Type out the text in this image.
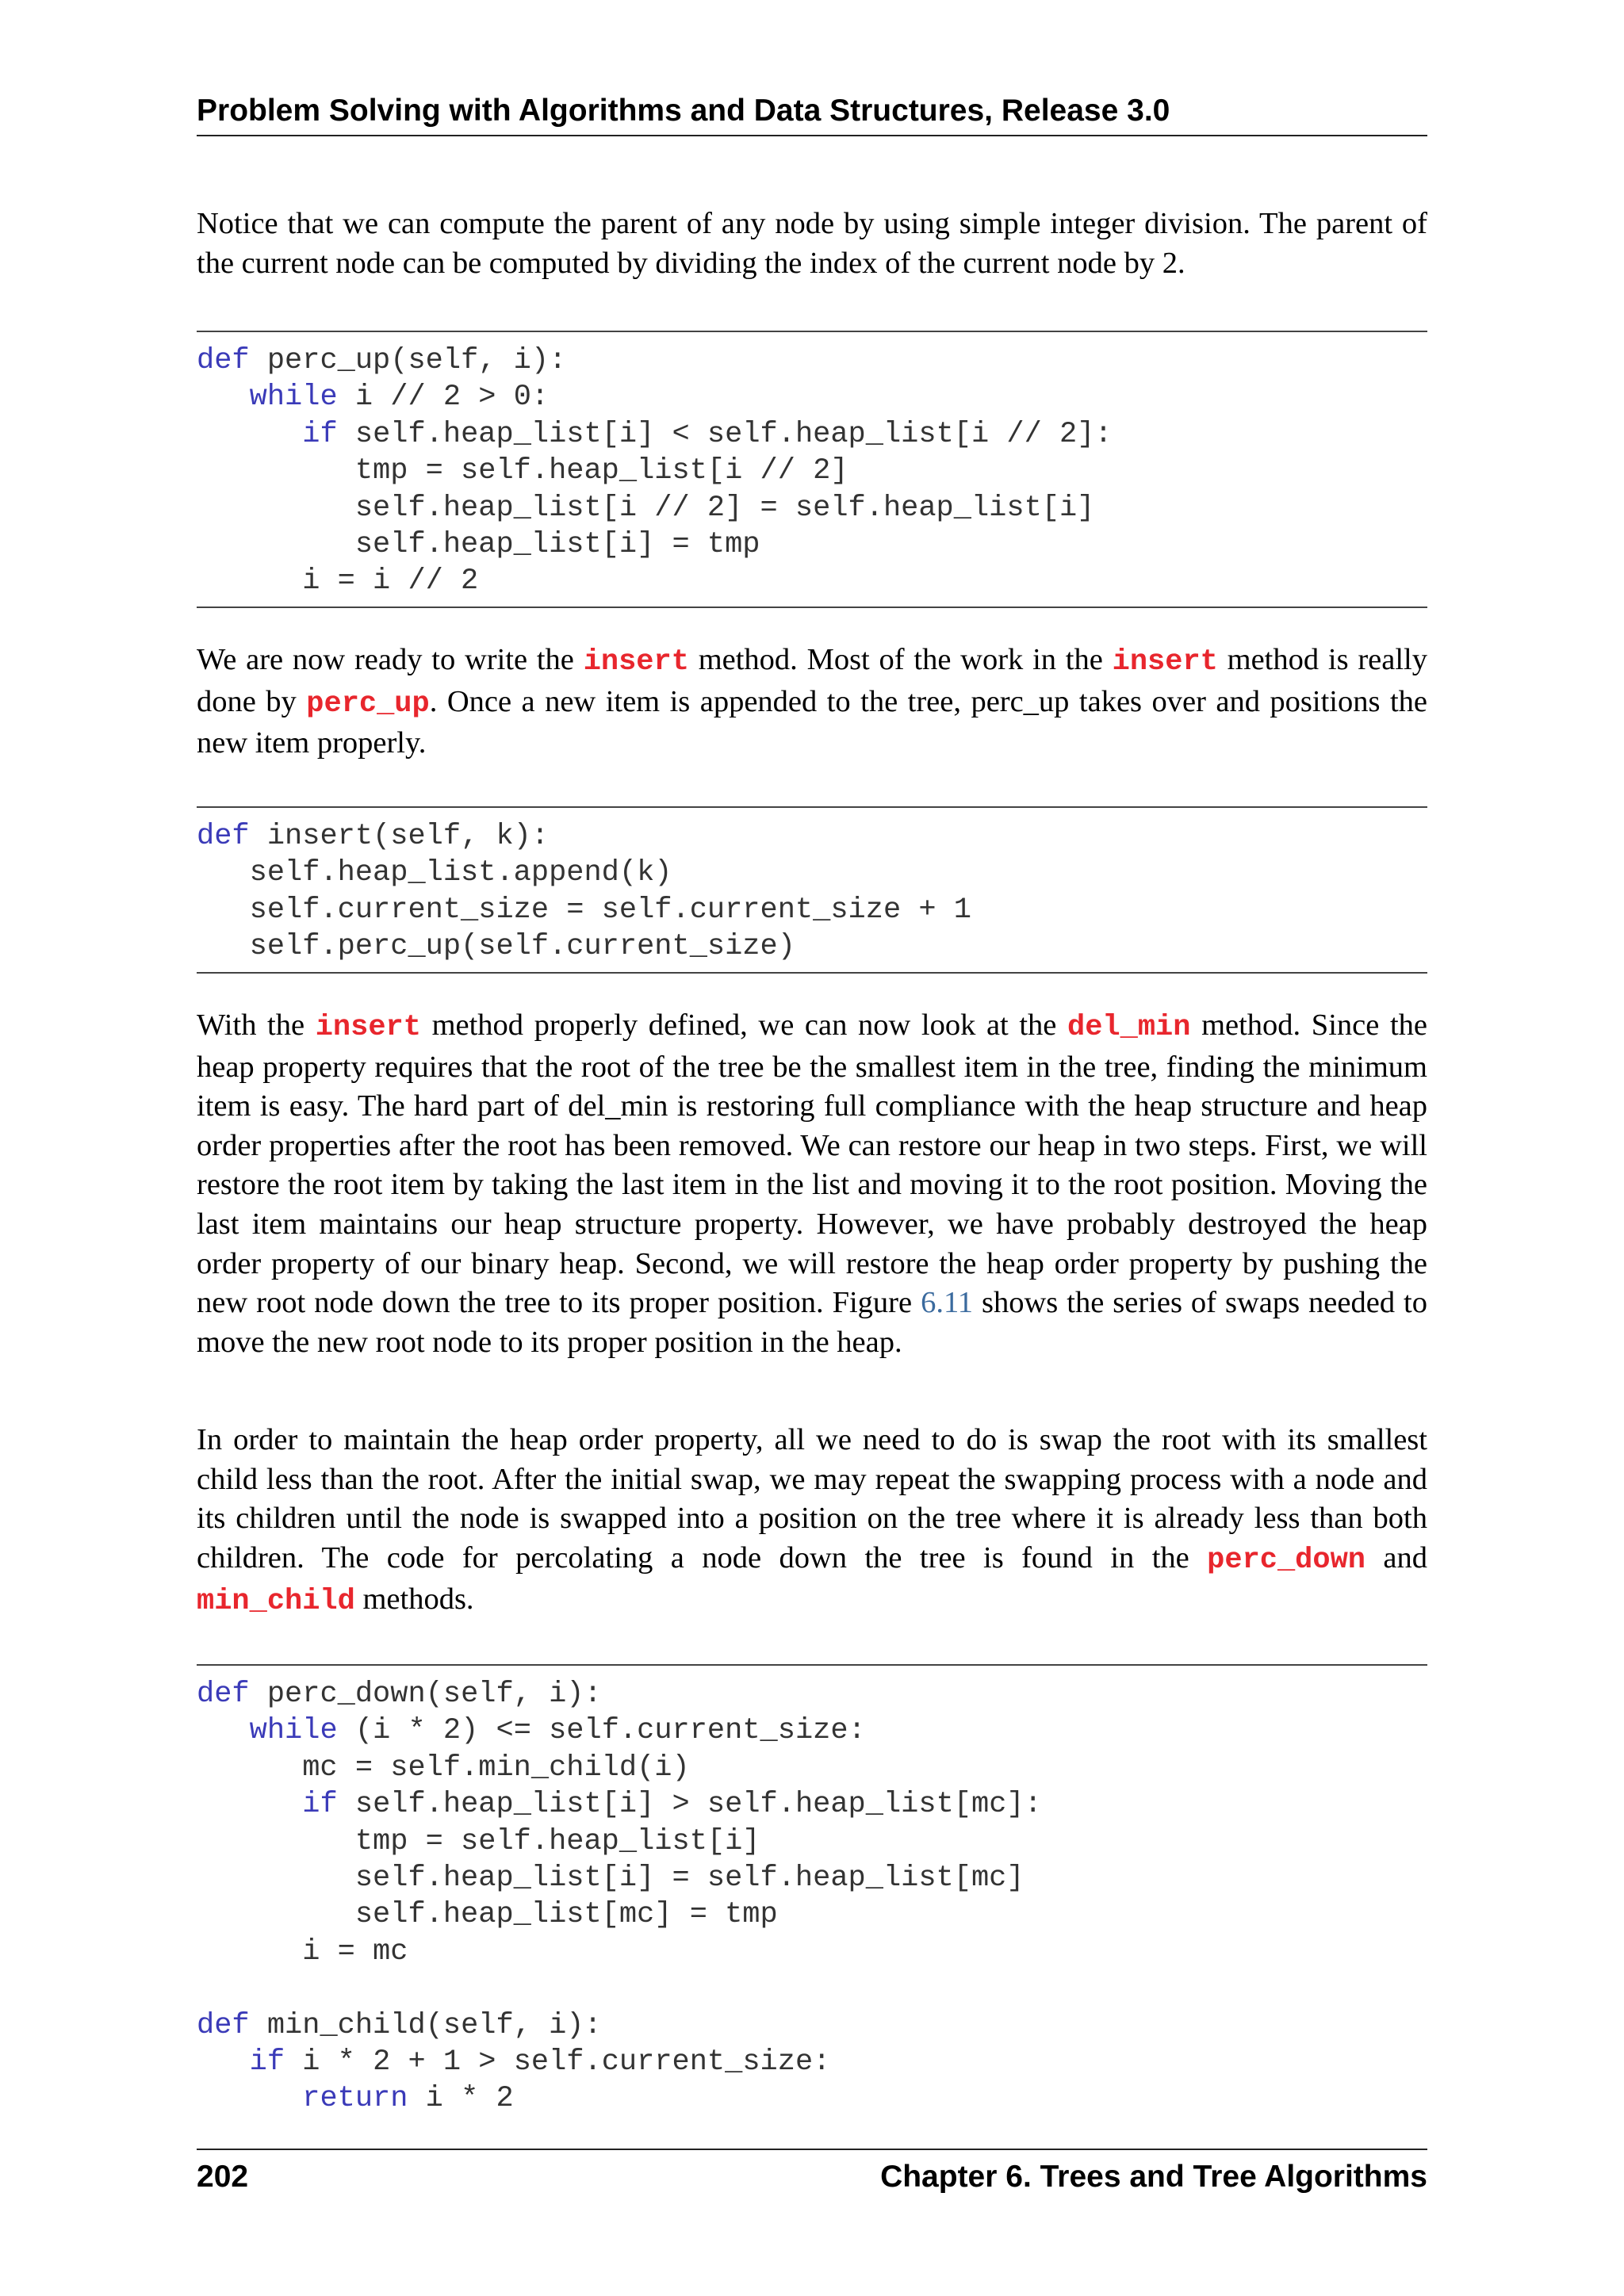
Problem Solving with Algorithms and Data Structures, Release 3.0

Notice that we can compute the parent of any node by using simple integer division. The parent of the current node can be computed by dividing the index of the current node by 2.

def perc_up(self, i):
while i // 2 > 0:
if self.heap_list[i] < self.heap_list[i // 2]:
tmp = self.heap_list[i // 2]
self.heap_list[i // 2] = self.heap_list[i]
self.heap_list[i] = tmp
i = i // 2

We are now ready to write the insert method. Most of the work in the insert method is really done by perc_up. Once a new item is appended to the tree, perc_up takes over and positions the new item properly.

def insert(self, k):
self.heap_list.append(k)
self.current_size = self.current_size + 1
self.perc_up(self.current_size)

With the insert method properly defined, we can now look at the del_min method. Since the heap property requires that the root of the tree be the smallest item in the tree, finding the minimum item is easy. The hard part of del_min is restoring full compliance with the heap structure and heap order properties after the root has been removed. We can restore our heap in two steps. First, we will restore the root item by taking the last item in the list and moving it to the root position. Moving the last item maintains our heap structure property. However, we have probably destroyed the heap order property of our binary heap. Second, we will restore the heap order property by pushing the new root node down the tree to its proper position. Figure 6.11 shows the series of swaps needed to move the new root node to its proper position in the heap.

In order to maintain the heap order property, all we need to do is swap the root with its smallest child less than the root. After the initial swap, we may repeat the swapping process with a node and its children until the node is swapped into a position on the tree where it is already less than both children. The code for percolating a node down the tree is found in the perc_down and min_child methods.

def perc_down(self, i):
while (i * 2) <= self.current_size:
mc = self.min_child(i)
if self.heap_list[i] > self.heap_list[mc]:
tmp = self.heap_list[i]
self.heap_list[i] = self.heap_list[mc]
self.heap_list[mc] = tmp
i = mc

def min_child(self, i):
if i * 2 + 1 > self.current_size:
return i * 2
202	Chapter 6. Trees and Tree Algorithms
